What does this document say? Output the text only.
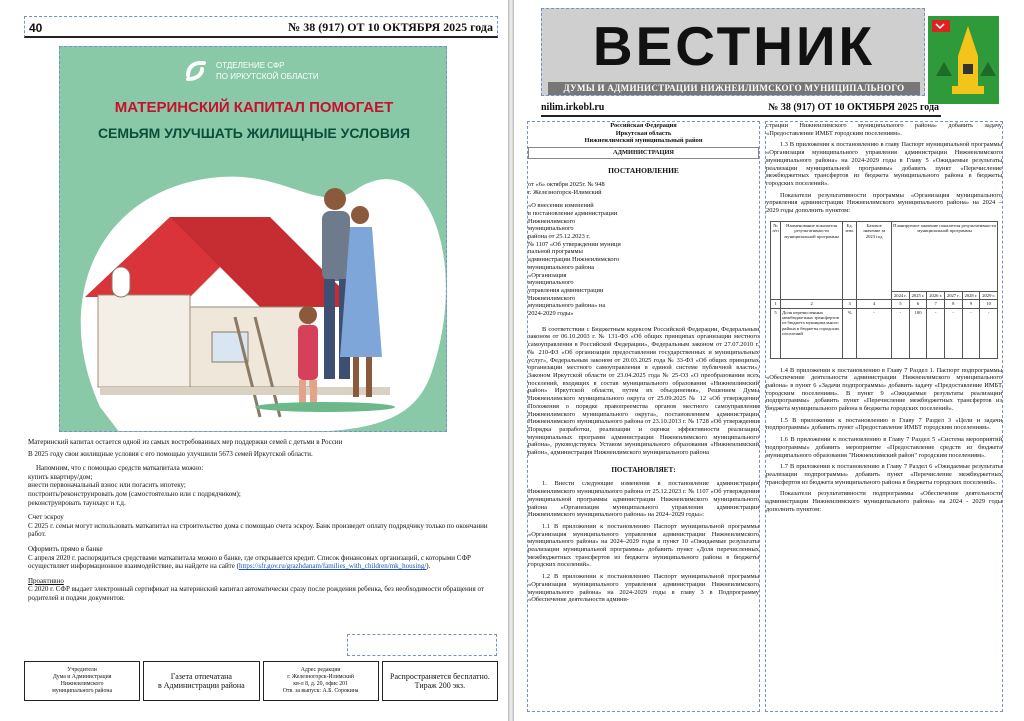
40	№ 38 (917) ОТ 10 ОКТЯБРЯ 2025 года
ОТДЕЛЕНИЕ СФР
ПО ИРКУТСКОЙ ОБЛАСТИ
МАТЕРИНСКИЙ КАПИТАЛ ПОМОГАЕТ
СЕМЬЯМ УЛУЧШАТЬ ЖИЛИЩНЫЕ УСЛОВИЯ

Материнский капитал остается одной из самых востребованных мер поддержки семей с детьми в России

В 2025 году свои жилищные условия с его помощью улучшили 5673 семей Иркутской области.

Напомним, что с помощью средств маткапитала можно:

купить квартиру/дом;

внести первоначальный взнос или погасить ипотеку;

построить/реконструировать дом (самостоятельно или с подрядчиком);

реконструировать таунхаус и т.д.

Счет эскроу

С 2025 г. семьи могут использовать маткапитал на строительство дома с помощью счета эскроу. Банк произведет оплату подрядчику только по окончании работ.

Оформить прямо в банке

С апреля 2020 г. распорядиться средствами маткапитала можно в банке, где открывается кредит. Список финансовых организаций, с которыми СФР осуществляет информационное взаимодействие, вы найдете на сайте (https://sfr.gov.ru/grazhdanam/families_with_children/mk_housing/).

Проактивно

С 2020 г. СФР выдает электронный сертификат на материнский капитал автоматически сразу после рождения ребенка, без необходимости обращения от родителей и подачи документов.

Учредители
Дума и Администрация
Нижнеилимского
муниципального района
Газета отпечатана
в Администрации района
Адрес редакции
г. Железногорск-Илимский
кв-л 8, д. 20, офис 201
Отв. за выпуск: А.Б. Сорокина
Распространяется бесплатно.
Тираж 200 экз.
ВЕСТНИК
ДУМЫ И АДМИНИСТРАЦИИ НИЖНЕИЛИМСКОГО МУНИЦИПАЛЬНОГО РАЙОНА
nilim.irkobl.ru	№ 38 (917) ОТ 10 ОКТЯБРЯ 2025 года
Российская Федерация
Иркутская область
Нижнеилимский муниципальный район
АДМИНИСТРАЦИЯ
ПОСТАНОВЛЕНИЕ
от «6» октября 2025г. № 948
г. Железногорск-Илимский
«О внесении изменений
в постановление администрации
Нижнеилимского
муниципального
района от 25.12.2023 г.
№ 1107 «Об утверждении муници
пальной программы
администрации Нижнеилимского
муниципального района
«Организация
муниципального
управления администрации
Нижнеилимского
муниципального района» на
2024-2029 годы»
В соответствии с Бюджетным кодексом Российской Федерации, Федеральным законом от 06.10.2003 г. № 131-ФЗ «Об общих принципах организации местного самоуправления в Российской Федерации», Федеральным законом от 27.07.2010 г. № 210-ФЗ «Об организации предоставления государственных и муниципальных услуг», Федеральным законом от 20.03.2025 года № 33-ФЗ «Об общих принципах организации местного самоуправления в единой системе публичной власти», Законом Иркутской области от 23.04.2025 года № 25-ОЗ «О преобразовании всех поселений, входящих в состав муниципального образования «Нижнеилимский район» Иркутской области, путем их объединения», Решением Думы Нижнеилимского муниципального округа от 25.09.2025 № 12 «Об утверждении Положения о порядке правопреемства органов местного самоуправления Нижнеилимского муниципального округа», постановлением администрации Нижнеилимского муниципального района от 23.10.2013 г. № 1728 «Об утверждении Порядка разработки, реализации и оценки эффективности реализации муниципальных программ администрации Нижнеилимского муниципального района», руководствуясь Уставом муниципального образования «Нижнеилимский район», администрация Нижнеилимского муниципального района
ПОСТАНОВЛЯЕТ:
1. Внести следующие изменения в постановление администрации Нижнеилимского муниципального района от 25.12.2023 г. № 1107 «Об утверждении муниципальной программы администрации Нижнеилимского муниципального района «Организация муниципального управления администрации Нижнеилимского муниципального района» на 2024–2029 годы»:
1.1 В приложении к постановлению Паспорт муниципальной программы «Организация муниципального управления администрации Нижнеилимского муниципального района» на 2024–2029 годы в пункт 10 «Ожидаемые результаты реализации муниципальной программы» добавить пункт «Доля перечисленных межбюджетных трансфертов из бюджета муниципального района в бюджеты городских поселений».
1.2 В приложении к постановлению Паспорт муниципальной программы «Организация муниципального управления администрации Нижнеилимского муниципального района» на 2024-2029 годы в главу 3 в Подпрограмму «Обеспечение деятельности админи-
страции Нижнеилимского муниципального района» добавить задачу «Предоставление ИМБТ городским поселениям».
1.3 В приложении к постановлению в главу Паспорт муниципальной программы «Организация муниципального управления администрации Нижнеилимского муниципального района» на 2024-2029 годы в Главу 5 «Ожидаемые результаты реализации муниципальной программы» добавить пункт «Перечисление межбюджетных трансфертов из бюджета муниципального района в бюджеты городских поселений».
Показатели результативности программы «Организация муниципального управления администрации Нижнеилимского муниципального района» на 2024 – 2029 годы дополнить пунктом:
№ п/п	Наименование показателя результативности муниципальной программы	Ед. изм.	Базовое значение за 2023 год	Планируемое значение показателя результативности муниципальной программы					
				2024 г.	2025 г.	2026 г.	2027 г.	2028 г.	2029 г.
1	2	3	4	5	6	7	8	9	10
5	Доля перечисленных межбюджетных трансфертов из бюджета муниципального района в бюджеты городских поселений	%	-	-	100	-	-	-	-
1.4 В приложении к постановлению в Главу 7 Раздел 1. Паспорт подпрограммы «Обеспечение деятельности администрации Нижнеилимского муниципального района» в пункт 6 «Задачи подпрограммы» добавить задачу «Предоставление ИМБТ городским поселениям». В пункт 9 «Ожидаемые результаты реализации подпрограммы» добавить пункт «Перечисление межбюджетных трансфертов из бюджета муниципального района в бюджеты городских поселений».
1.5 В приложении к постановлению в Главу 7 Раздел 3 «Цели и задачи подпрограммы» добавить пункт «Предоставление ИМБТ городским поселениям».
1.6 В приложении к постановлению в Главу 7 Раздел 5 «Система мероприятий подпрограммы» добавить мероприятие «Предоставление средств из бюджета муниципального образования "Нижнеилимский район" городским поселениям».
1.7 В приложении к постановлению в Главу 7 Раздел 6 «Ожидаемые результаты реализации подпрограммы» добавить пункт «Перечисление межбюджетных трансфертов из бюджета муниципального района в бюджеты городских поселений».
Показатели результативности подпрограммы «Обеспечение деятельности администрации Нижнеилимского муниципального района» на 2024 - 2029 годы дополнить пунктом:
